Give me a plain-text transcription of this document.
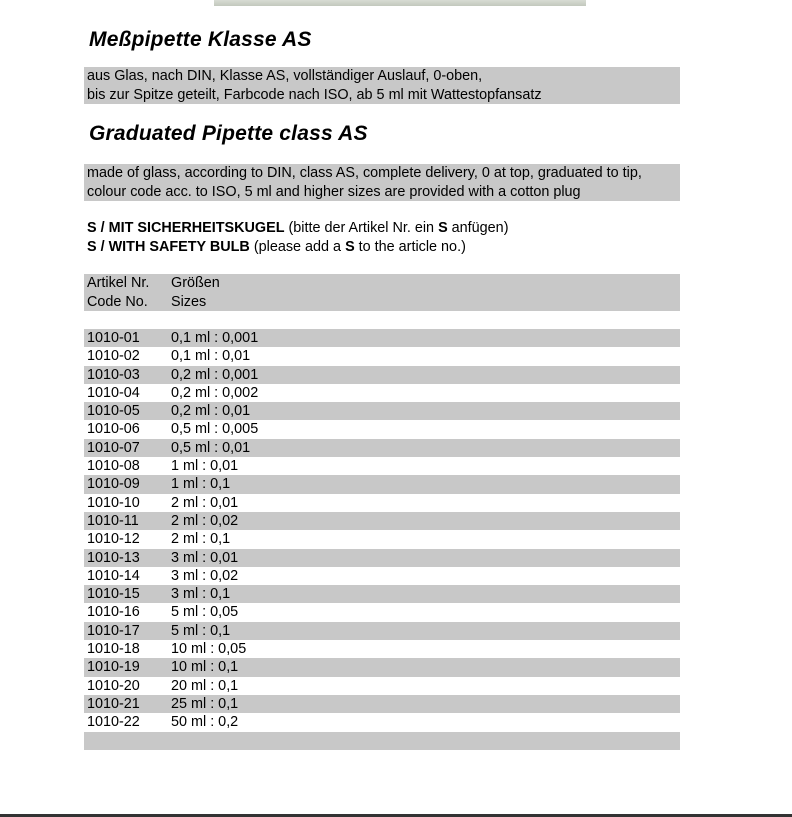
Meßpipette Klasse AS
aus Glas, nach DIN, Klasse AS, vollständiger Auslauf, 0-oben,
bis zur Spitze geteilt, Farbcode nach ISO, ab 5 ml mit Wattestopfansatz
Graduated Pipette class AS
made of glass, according to DIN, class AS, complete delivery, 0 at top, graduated to tip,
colour code acc. to ISO, 5 ml and higher sizes are provided with a cotton plug
S / MIT SICHERHEITSKUGEL (bitte der Artikel Nr. ein S anfügen)
S / WITH SAFETY BULB (please add a S to the article no.)
Artikel Nr.
Code No.
Größen
Sizes
1010-01 0,1 ml : 0,001
1010-02 0,1 ml : 0,01
1010-03 0,2 ml : 0,001
1010-04 0,2 ml : 0,002
1010-05 0,2 ml : 0,01
1010-06 0,5 ml : 0,005
1010-07 0,5 ml : 0,01
1010-08 1 ml : 0,01
1010-09 1 ml : 0,1
1010-10 2 ml : 0,01
1010-11 2 ml : 0,02
1010-12 2 ml : 0,1
1010-13 3 ml : 0,01
1010-14 3 ml : 0,02
1010-15 3 ml : 0,1
1010-16 5 ml : 0,05
1010-17 5 ml : 0,1
1010-18 10 ml : 0,05
1010-19 10 ml : 0,1
1010-20 20 ml : 0,1
1010-21 25 ml : 0,1
1010-22 50 ml : 0,2
